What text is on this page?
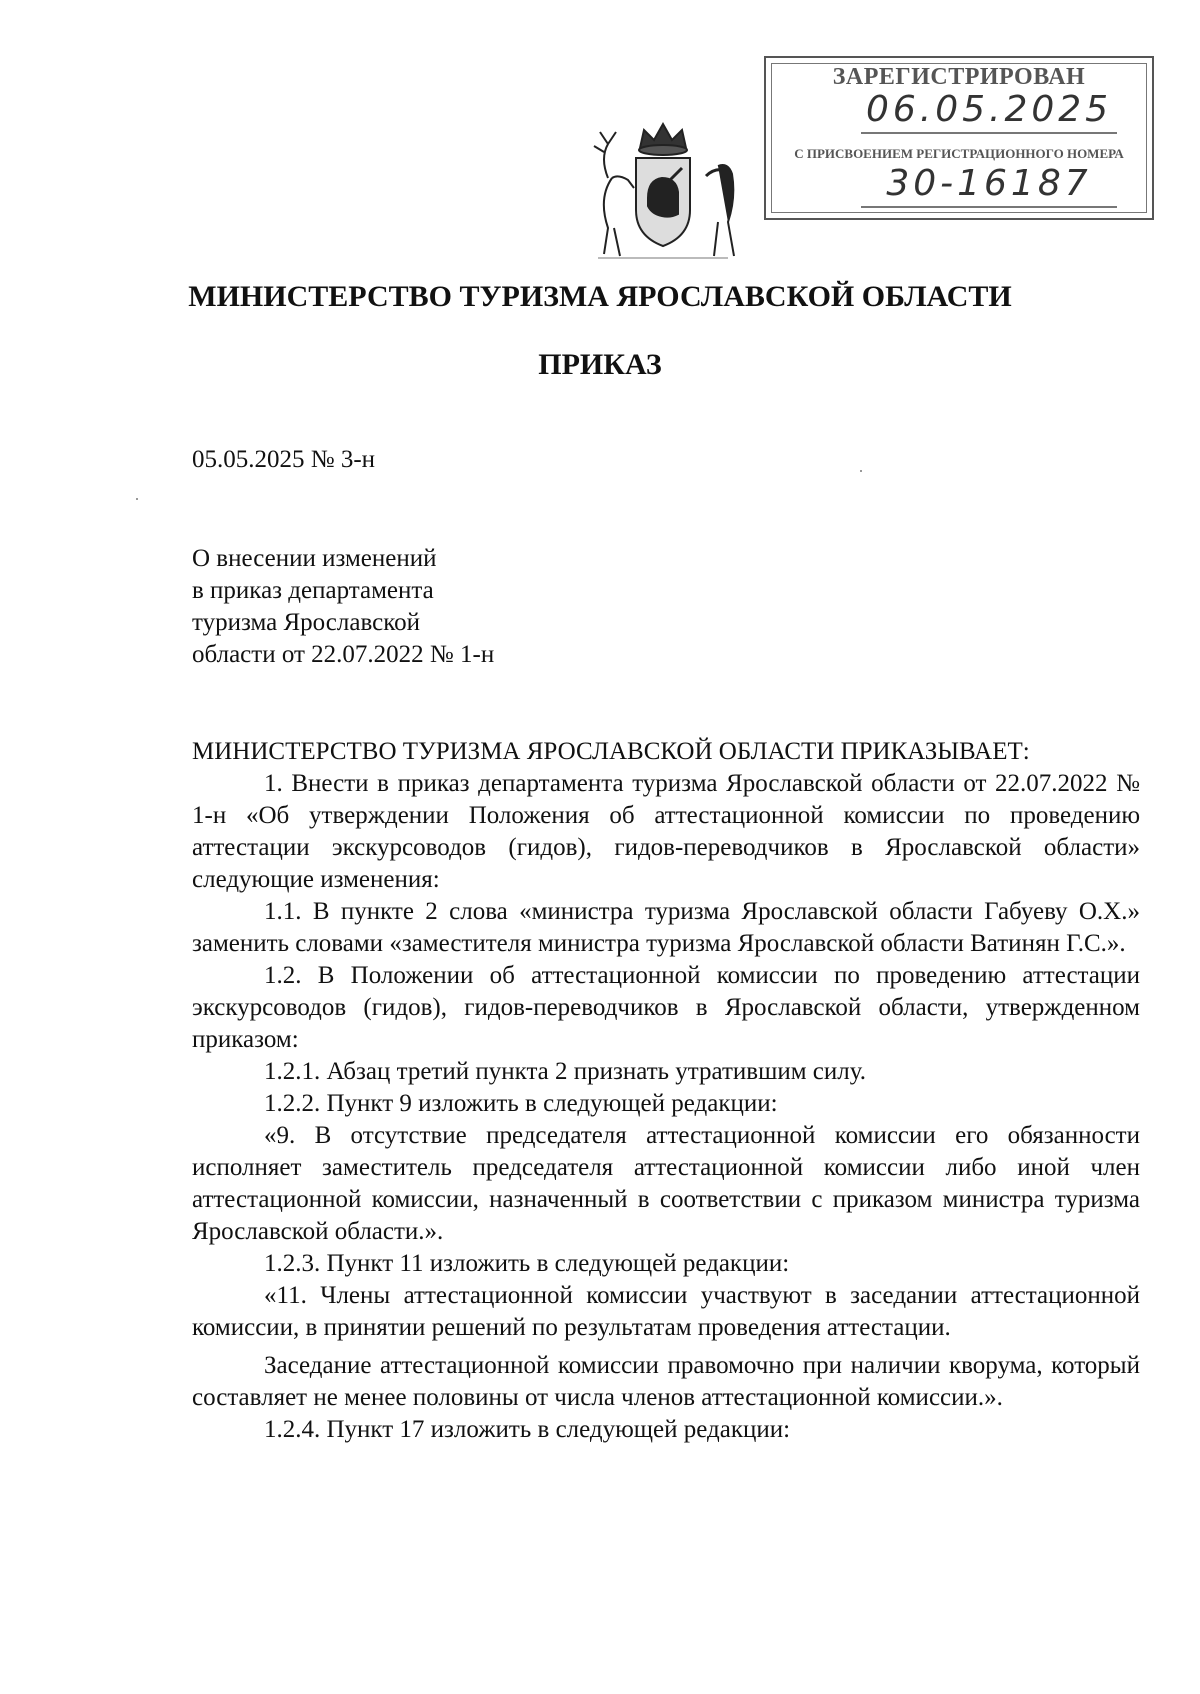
ЗАРЕГИСТРИРОВАН
06.05.2025
С ПРИСВОЕНИЕМ РЕГИСТРАЦИОННОГО НОМЕРА
30-16187
МИНИСТЕРСТВО ТУРИЗМА ЯРОСЛАВСКОЙ ОБЛАСТИ
ПРИКАЗ
05.05.2025 № 3-н
О внесении изменений
в приказ департамента
туризма Ярославской
области от 22.07.2022 № 1-н
МИНИСТЕРСТВО ТУРИЗМА ЯРОСЛАВСКОЙ ОБЛАСТИ ПРИКАЗЫВАЕТ:
1. Внести в приказ департамента туризма Ярославской области от 22.07.2022 № 1-н «Об утверждении Положения об аттестационной комиссии по проведению аттестации экскурсоводов (гидов), гидов-переводчиков в Ярославской области» следующие изменения:
1.1. В пункте 2 слова «министра туризма Ярославской области Габуеву О.Х.» заменить словами «заместителя министра туризма Ярославской области Ватинян Г.С.».
1.2. В Положении об аттестационной комиссии по проведению аттестации экскурсоводов (гидов), гидов-переводчиков в Ярославской области, утвержденном приказом:
1.2.1. Абзац третий пункта 2 признать утратившим силу.
1.2.2. Пункт 9 изложить в следующей редакции:
«9. В отсутствие председателя аттестационной комиссии его обязанности исполняет заместитель председателя аттестационной комиссии либо иной член аттестационной комиссии, назначенный в соответствии с приказом министра туризма Ярославской области.».
1.2.3. Пункт 11 изложить в следующей редакции:
«11. Члены аттестационной комиссии участвуют в заседании аттестационной комиссии, в принятии решений по результатам проведения аттестации.
Заседание аттестационной комиссии правомочно при наличии кворума, который составляет не менее половины от числа членов аттестационной комиссии.».
1.2.4. Пункт 17 изложить в следующей редакции:
